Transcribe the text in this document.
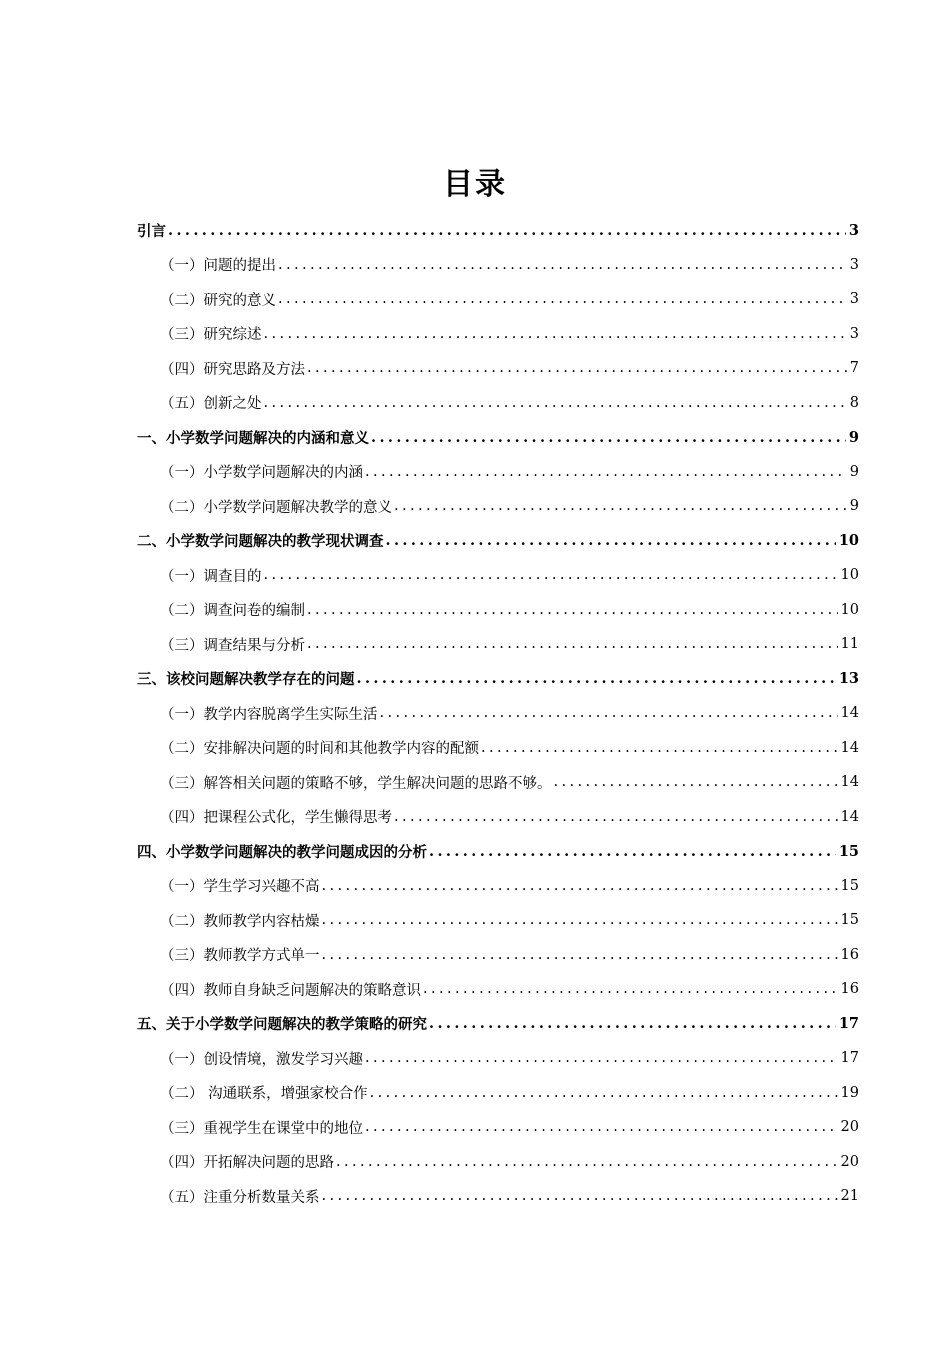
目录
引言 .....	3
（一）问题的提出 .....	3
（二）研究的意义 .....	3
（三）研究综述 .....	3
（四）研究思路及方法 .....	7
（五）创新之处 .....	8
一、小学数学问题解决的内涵和意义 .....	9
（一）小学数学问题解决的内涵 .....	9
（二）小学数学问题解决教学的意义 .....	9
二、小学数学问题解决的教学现状调查 .....	10
（一）调查目的 .....	10
（二）调查问卷的编制 .....	10
（三）调查结果与分析 .....	11
三、该校问题解决教学存在的问题 .....	13
（一）教学内容脱离学生实际生活 .....	14
（二）安排解决问题的时间和其他教学内容的配额 .....	14
（三）解答相关问题的策略不够，学生解决问题的思路不够。 .....	14
（四）把课程公式化，学生懒得思考 .....	14
四、小学数学问题解决的教学问题成因的分析 .....	15
（一）学生学习兴趣不高 .....	15
（二）教师教学内容枯燥 .....	15
（三）教师教学方式单一 .....	16
（四）教师自身缺乏问题解决的策略意识 .....	16
五、关于小学数学问题解决的教学策略的研究 .....	17
（一）创设情境，激发学习兴趣 .....	17
（二） 沟通联系，增强家校合作 .....	19
（三）重视学生在课堂中的地位 .....	20
（四）开拓解决问题的思路 .....	20
（五）注重分析数量关系 .....	21
